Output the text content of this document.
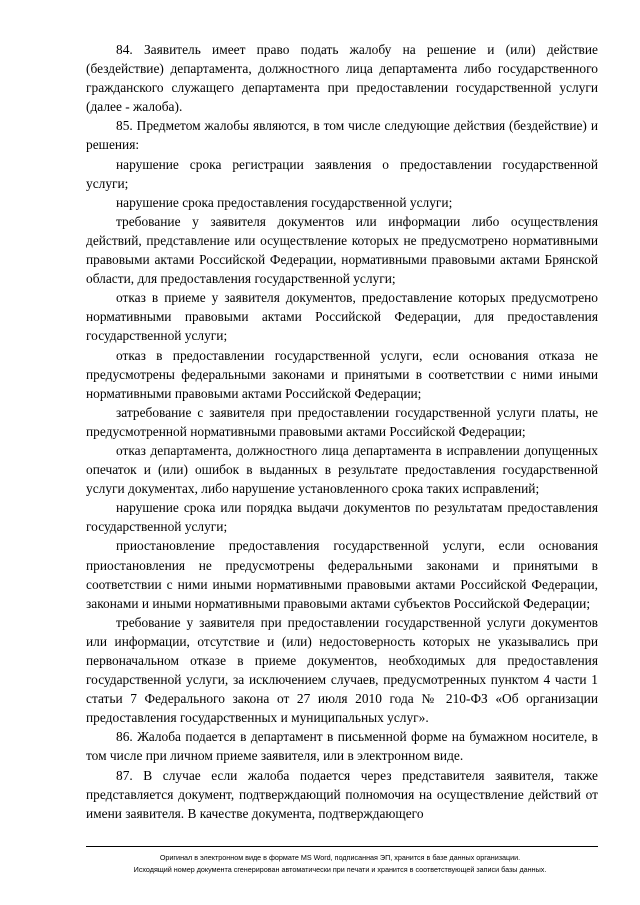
84. Заявитель имеет право подать жалобу на решение и (или) действие (бездействие) департамента, должностного лица департамента либо государственного гражданского служащего департамента при предоставлении государственной услуги (далее - жалоба).

85. Предметом жалобы являются, в том числе следующие действия (бездействие) и решения:

нарушение срока регистрации заявления о предоставлении государственной услуги;

нарушение срока предоставления государственной услуги;

требование у заявителя документов или информации либо осуществления действий, представление или осуществление которых не предусмотрено нормативными правовыми актами Российской Федерации, нормативными правовыми актами Брянской области, для предоставления государственной услуги;

отказ в приеме у заявителя документов, предоставление которых предусмотрено нормативными правовыми актами Российской Федерации, для предоставления государственной услуги;

отказ в предоставлении государственной услуги, если основания отказа не предусмотрены федеральными законами и принятыми в соответствии с ними иными нормативными правовыми актами Российской Федерации;

затребование с заявителя при предоставлении государственной услуги платы, не предусмотренной нормативными правовыми актами Российской Федерации;

отказ департамента, должностного лица департамента в исправлении допущенных опечаток и (или) ошибок в выданных в результате предоставления государственной услуги документах, либо нарушение установленного срока таких исправлений;

нарушение срока или порядка выдачи документов по результатам предоставления государственной услуги;

приостановление предоставления государственной услуги, если основания приостановления не предусмотрены федеральными законами и принятыми в соответствии с ними иными нормативными правовыми актами Российской Федерации, законами и иными нормативными правовыми актами субъектов Российской Федерации;

требование у заявителя при предоставлении государственной услуги документов или информации, отсутствие и (или) недостоверность которых не указывались при первоначальном отказе в приеме документов, необходимых для предоставления государственной услуги, за исключением случаев, предусмотренных пунктом 4 части 1 статьи 7 Федерального закона от 27 июля 2010 года № 210-ФЗ «Об организации предоставления государственных и муниципальных услуг».

86. Жалоба подается в департамент в письменной форме на бумажном носителе, в том числе при личном приеме заявителя, или в электронном виде.

87. В случае если жалоба подается через представителя заявителя, также представляется документ, подтверждающий полномочия на осуществление действий от имени заявителя. В качестве документа, подтверждающего

Оригинал в электронном виде в формате MS Word, подписанная ЭП, хранится в базе данных организации.
Исходящий номер документа сгенерирован автоматически при печати и хранится в соответствующей записи базы данных.
